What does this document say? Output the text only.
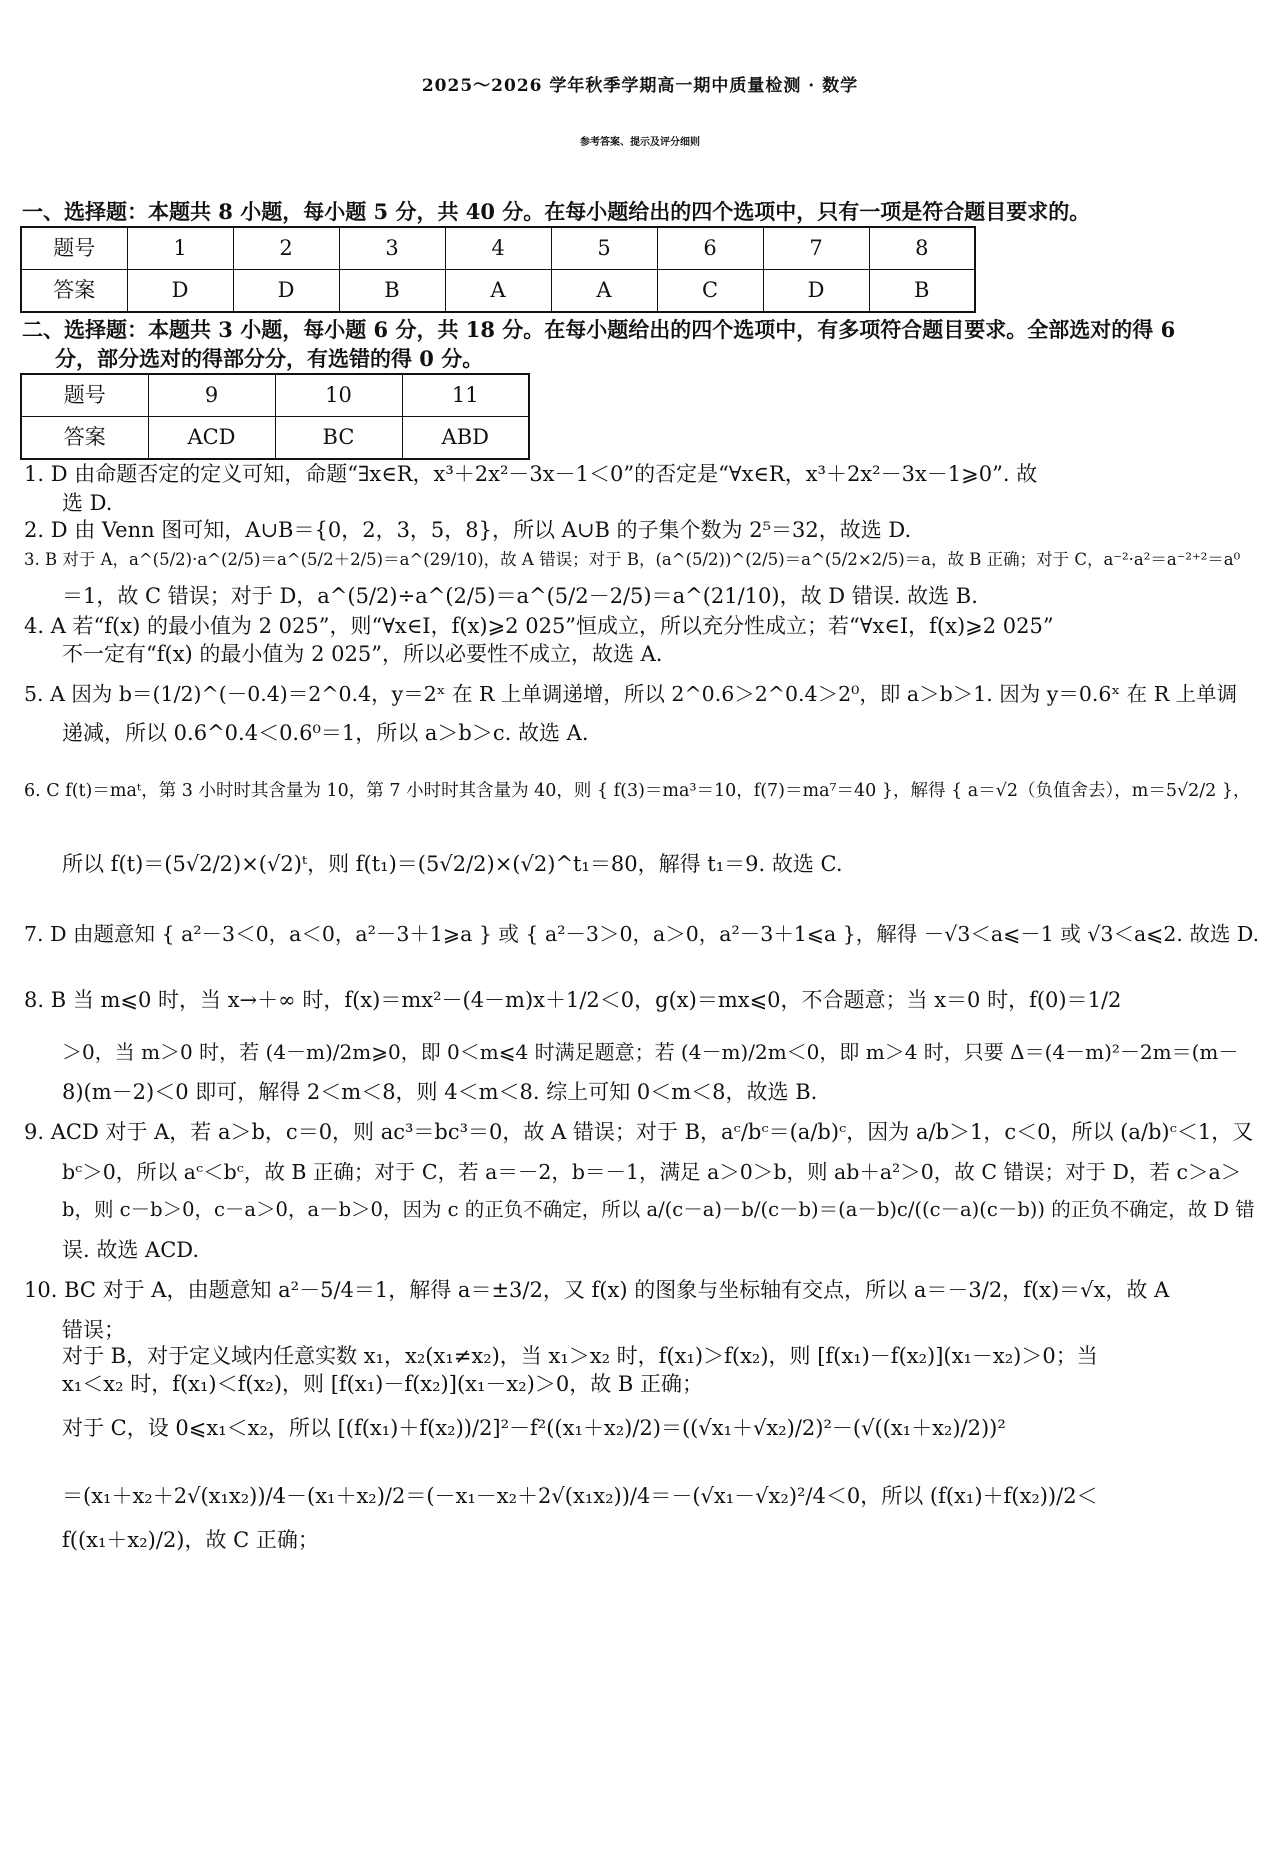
2025～2026 学年秋季学期高一期中质量检测 · 数学
参考答案、提示及评分细则
一、选择题：本题共 8 小题，每小题 5 分，共 40 分。在每小题给出的四个选项中，只有一项是符合题目要求的。
题号	1	2	3	4	5	6	7	8
答案	D	D	B	A	A	C	D	B
二、选择题：本题共 3 小题，每小题 6 分，共 18 分。在每小题给出的四个选项中，有多项符合题目要求。全部选对的得 6
分，部分选对的得部分分，有选错的得 0 分。
题号	9	10	11
答案	ACD	BC	ABD
1. D 由命题否定的定义可知，命题“∃x∈R，x³＋2x²－3x－1＜0”的否定是“∀x∈R，x³＋2x²－3x－1⩾0”. 故
选 D.
2. D 由 Venn 图可知，A∪B＝{0，2，3，5，8}，所以 A∪B 的子集个数为 2⁵＝32，故选 D.
3. B 对于 A，a^(5/2)·a^(2/5)＝a^(5/2＋2/5)＝a^(29/10)，故 A 错误；对于 B，(a^(5/2))^(2/5)＝a^(5/2×2/5)＝a，故 B 正确；对于 C，a⁻²·a²＝a⁻²⁺²＝a⁰
＝1，故 C 错误；对于 D，a^(5/2)÷a^(2/5)＝a^(5/2－2/5)＝a^(21/10)，故 D 错误. 故选 B.
4. A 若“f(x) 的最小值为 2 025”，则“∀x∈I，f(x)⩾2 025”恒成立，所以充分性成立；若“∀x∈I，f(x)⩾2 025”
不一定有“f(x) 的最小值为 2 025”，所以必要性不成立，故选 A.
5. A 因为 b＝(1/2)^(－0.4)＝2^0.4，y＝2ˣ 在 R 上单调递增，所以 2^0.6＞2^0.4＞2⁰，即 a＞b＞1. 因为 y＝0.6ˣ 在 R 上单调
递减，所以 0.6^0.4＜0.6⁰＝1，所以 a＞b＞c. 故选 A.
6. C f(t)＝maᵗ，第 3 小时时其含量为 10，第 7 小时时其含量为 40，则 { f(3)＝ma³＝10，f(7)＝ma⁷＝40 }，解得 { a＝√2（负值舍去），m＝5√2/2 }，
所以 f(t)＝(5√2/2)×(√2)ᵗ，则 f(t₁)＝(5√2/2)×(√2)^t₁＝80，解得 t₁＝9. 故选 C.
7. D 由题意知 { a²－3＜0，a＜0，a²－3＋1⩾a } 或 { a²－3＞0，a＞0，a²－3＋1⩽a }，解得 －√3＜a⩽－1 或 √3＜a⩽2. 故选 D.
8. B 当 m⩽0 时，当 x→＋∞ 时，f(x)＝mx²－(4－m)x＋1/2＜0，g(x)＝mx⩽0，不合题意；当 x＝0 时，f(0)＝1/2
＞0，当 m＞0 时，若 (4－m)/2m⩾0，即 0＜m⩽4 时满足题意；若 (4－m)/2m＜0，即 m＞4 时，只要 Δ＝(4－m)²－2m＝(m－
8)(m－2)＜0 即可，解得 2＜m＜8，则 4＜m＜8. 综上可知 0＜m＜8，故选 B.
9. ACD 对于 A，若 a＞b，c＝0，则 ac³＝bc³＝0，故 A 错误；对于 B，aᶜ/bᶜ＝(a/b)ᶜ，因为 a/b＞1，c＜0，所以 (a/b)ᶜ＜1，又
bᶜ＞0，所以 aᶜ＜bᶜ，故 B 正确；对于 C，若 a＝－2，b＝－1，满足 a＞0＞b，则 ab＋a²＞0，故 C 错误；对于 D，若 c＞a＞
b，则 c－b＞0，c－a＞0，a－b＞0，因为 c 的正负不确定，所以 a/(c－a)－b/(c－b)＝(a－b)c/((c－a)(c－b)) 的正负不确定，故 D 错
误. 故选 ACD.
10. BC 对于 A，由题意知 a²－5/4＝1，解得 a＝±3/2，又 f(x) 的图象与坐标轴有交点，所以 a＝－3/2，f(x)＝√x，故 A
错误；
对于 B，对于定义域内任意实数 x₁，x₂(x₁≠x₂)，当 x₁＞x₂ 时，f(x₁)＞f(x₂)，则 [f(x₁)－f(x₂)](x₁－x₂)＞0；当
x₁＜x₂ 时，f(x₁)＜f(x₂)，则 [f(x₁)－f(x₂)](x₁－x₂)＞0，故 B 正确；
对于 C，设 0⩽x₁＜x₂，所以 [(f(x₁)＋f(x₂))/2]²－f²((x₁＋x₂)/2)＝((√x₁＋√x₂)/2)²－(√((x₁＋x₂)/2))²
＝(x₁＋x₂＋2√(x₁x₂))/4－(x₁＋x₂)/2＝(－x₁－x₂＋2√(x₁x₂))/4＝－(√x₁－√x₂)²/4＜0，所以 (f(x₁)＋f(x₂))/2＜
f((x₁＋x₂)/2)，故 C 正确；
